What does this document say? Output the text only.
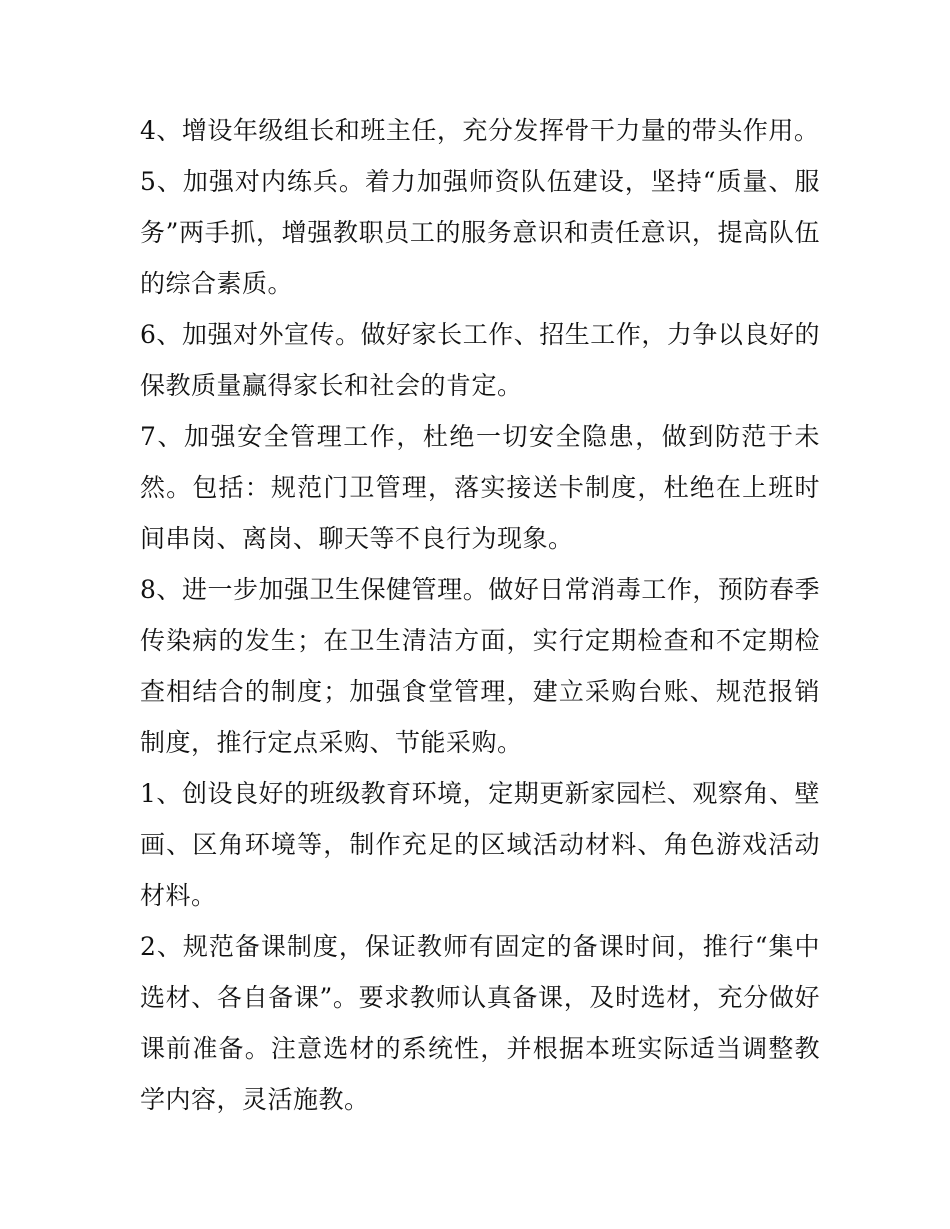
4、增设年级组长和班主任，充分发挥骨干力量的带头作用。

5、加强对内练兵。着力加强师资队伍建设，坚持“质量、服务”两手抓，增强教职员工的服务意识和责任意识，提高队伍的综合素质。

6、加强对外宣传。做好家长工作、招生工作，力争以良好的保教质量赢得家长和社会的肯定。

7、加强安全管理工作，杜绝一切安全隐患，做到防范于未然。包括：规范门卫管理，落实接送卡制度，杜绝在上班时间串岗、离岗、聊天等不良行为现象。

8、进一步加强卫生保健管理。做好日常消毒工作，预防春季传染病的发生；在卫生清洁方面，实行定期检查和不定期检查相结合的制度；加强食堂管理，建立采购台账、规范报销制度，推行定点采购、节能采购。

1、创设良好的班级教育环境，定期更新家园栏、观察角、壁画、区角环境等，制作充足的区域活动材料、角色游戏活动材料。

2、规范备课制度，保证教师有固定的备课时间，推行“集中选材、各自备课”。要求教师认真备课，及时选材，充分做好课前准备。注意选材的系统性，并根据本班实际适当调整教学内容，灵活施教。
